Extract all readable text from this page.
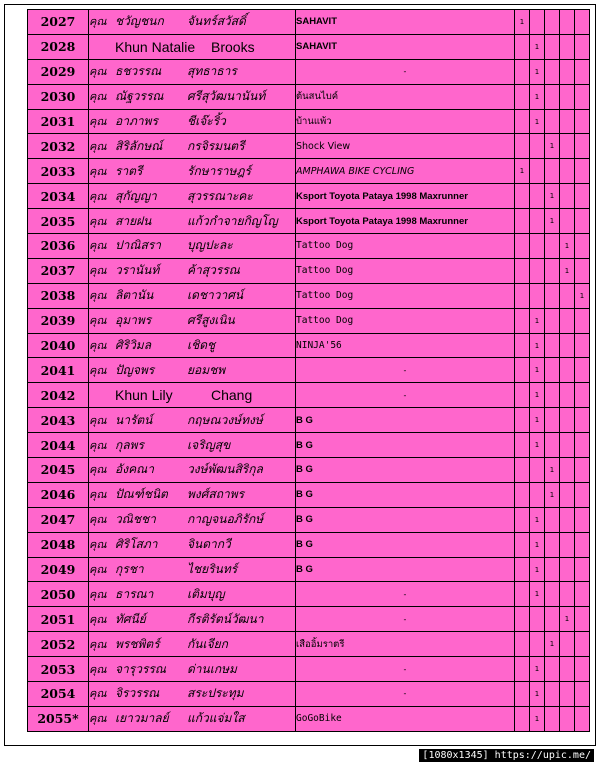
2027	คุณ ชวัญชนก จันทร์สวัสดิ์	SAHAVIT	1				
2028	Khun Natalie Brooks	SAHAVIT		1			
2029	คุณ ธชวรรณ สุทธาธาร	-		1			
2030	คุณ ณัฐวรรณ ศรีสุวัฒนานันท์	ต้นสนไบค์		1			
2031	คุณ อาภาพร ชีเจ๊ะริ้ว	บ้านแพ้ว		1			
2032	คุณ สิริลักษณ์ กรจิรมนตรี	Shock View			1		
2033	คุณ ราตรี รักษาราษฎร์	AMPHAWA BIKE CYCLING	1				
2034	คุณ สุกัญญา สุวรรณาะคะ	Ksport Toyota Pataya 1998 Maxrunner			1		
2035	คุณ สายฝน แก้วกำจายกิญโญ	Ksport Toyota Pataya 1998 Maxrunner			1		
2036	คุณ ปาณิสรา บุญปะละ	Tattoo Dog				1	
2037	คุณ วรานันท์ ค้าสุวรรณ	Tattoo Dog				1	
2038	คุณ ลิตานัน เดชาวาศน์	Tattoo Dog					1
2039	คุณ อุมาพร ศรีสูงเนิน	Tattoo Dog		1			
2040	คุณ ศิริวิมล เชิดชู	NINJA'56		1			
2041	คุณ ปัญจพร ยอมชพ	-		1			
2042	Khun Lily Chang	-		1			
2043	คุณ นารัตน์ กฤษณวงษ์ทงษ์	B G		1			
2044	คุณ กุลพร เจริญสุข	B G		1			
2045	คุณ อังคณา วงษ์พัฒนสิริกุล	B G			1		
2046	คุณ ปัณฑ์ชนิต พงศ์สถาพร	B G			1		
2047	คุณ วณิชชา กาญจนอภิรักษ์	B G		1			
2048	คุณ ศิริโสภา จินดากวี	B G		1			
2049	คุณ กุรชา ไชยรินทร์	B G		1			
2050	คุณ ธารณา เติมบุญ	-		1			
2051	คุณ ทัศนีย์ กีรติรัตน์วัฒนา	-				1	
2052	คุณ พรชพิตร์ กันเจียก	เสืออิ้มราตรี			1		
2053	คุณ จารุวรรณ ด่านเกษม	-		1			
2054	คุณ จิรวรรณ สระประทุม	-		1			
2055*	คุณ เยาวมาลย์ แก้วแจ่มใส	GoGoBike		1			
[1080x1345] https://upic.me/
